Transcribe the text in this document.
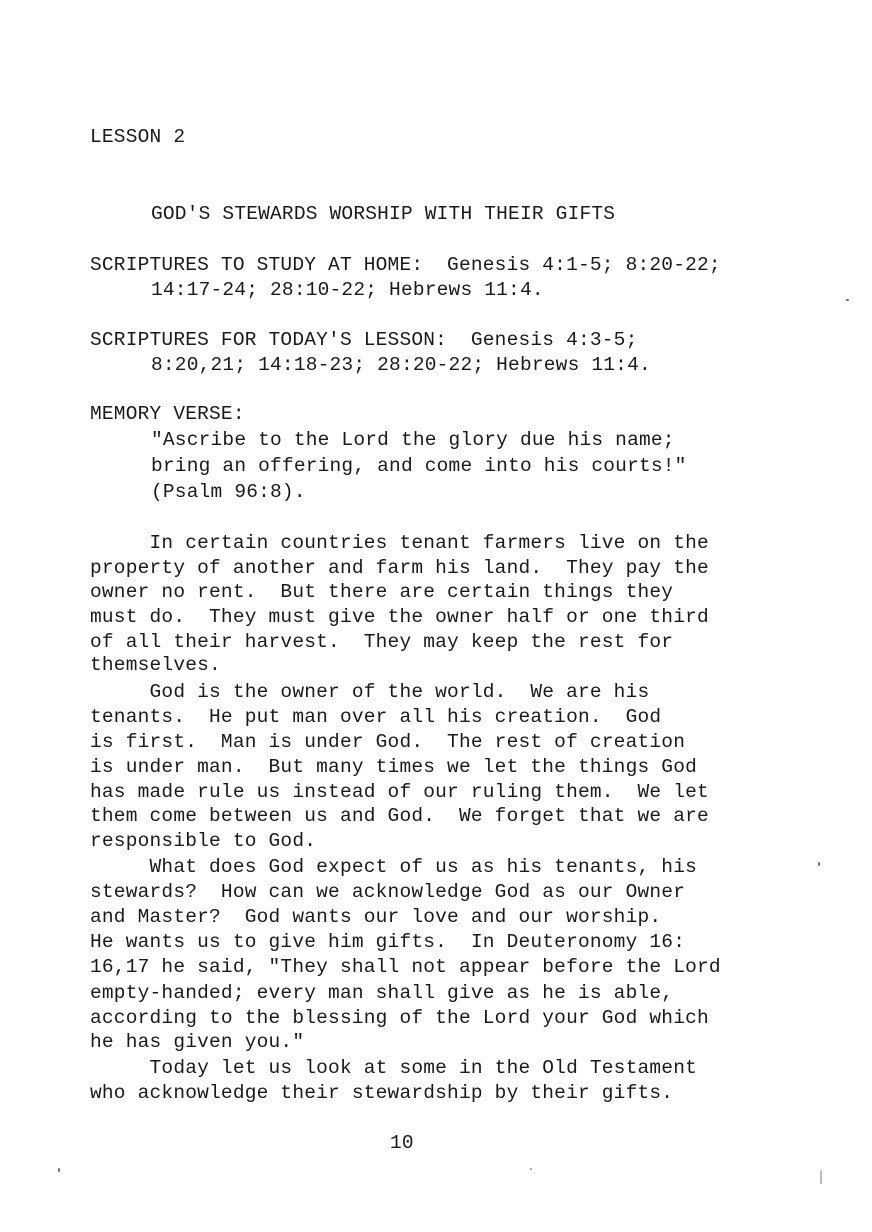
LESSON 2
GOD'S STEWARDS WORSHIP WITH THEIR GIFTS
SCRIPTURES TO STUDY AT HOME:  Genesis 4:1-5; 8:20-22;
14:17-24; 28:10-22; Hebrews 11:4.
SCRIPTURES FOR TODAY'S LESSON:  Genesis 4:3-5;
8:20,21; 14:18-23; 28:20-22; Hebrews 11:4.
MEMORY VERSE:
"Ascribe to the Lord the glory due his name;
bring an offering, and come into his courts!"
(Psalm 96:8).
In certain countries tenant farmers live on the
property of another and farm his land.  They pay the
owner no rent.  But there are certain things they
must do.  They must give the owner half or one third
of all their harvest.  They may keep the rest for
themselves.
God is the owner of the world.  We are his
tenants.  He put man over all his creation.  God
is first.  Man is under God.  The rest of creation
is under man.  But many times we let the things God
has made rule us instead of our ruling them.  We let
them come between us and God.  We forget that we are
responsible to God.
What does God expect of us as his tenants, his
stewards?  How can we acknowledge God as our Owner
and Master?  God wants our love and our worship.
He wants us to give him gifts.  In Deuteronomy 16:
16,17 he said, "They shall not appear before the Lord
empty-handed; every man shall give as he is able,
according to the blessing of the Lord your God which
he has given you."
Today let us look at some in the Old Testament
who acknowledge their stewardship by their gifts.
10
